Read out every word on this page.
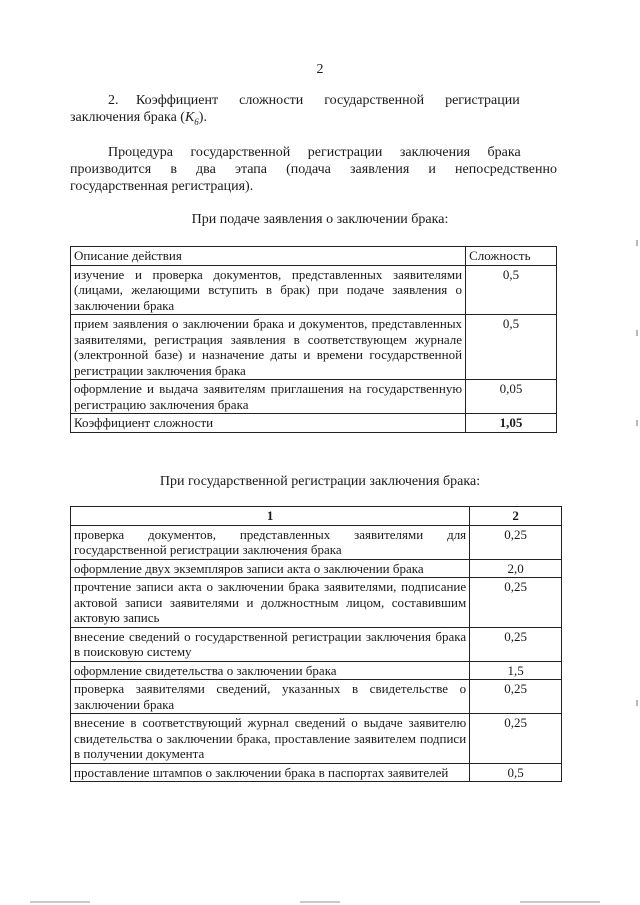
2
2.     Коэффициент      сложности      государственной      регистрации
заключения брака $(K_6)$.
Процедура     государственной     регистрации     заключения     брака
производится в два этапа (подача заявления и непосредственно
государственная регистрация).
При подаче заявления о заключении брака:
Описание действия	Сложность
изучение и проверка документов, представленных заявителями (лицами, желающими вступить в брак) при подаче заявления о заключении брака	0,5
прием заявления о заключении брака и документов, представленных заявителями, регистрация заявления в соответствующем журнале (электронной базе) и назначение даты и времени государственной регистрации заключения брака	0,5
оформление и выдача заявителям приглашения на государственную регистрацию заключения брака	0,05
Коэффициент сложности	1,05
При государственной регистрации заключения брака:
1	2
проверка документов, представленных заявителями для государственной регистрации заключения брака	0,25
оформление двух экземпляров записи акта о заключении брака	2,0
прочтение записи акта о заключении брака заявителями, подписание актовой записи заявителями и должностным лицом, составившим актовую запись	0,25
внесение сведений о государственной регистрации заключения брака в поисковую систему	0,25
оформление свидетельства о заключении брака	1,5
проверка заявителями сведений, указанных в свидетельстве о заключении брака	0,25
внесение в соответствующий журнал сведений о выдаче заявителю свидетельства о заключении брака, проставление заявителем подписи в получении документа	0,25
проставление штампов о заключении брака в паспортах заявителей	0,5
